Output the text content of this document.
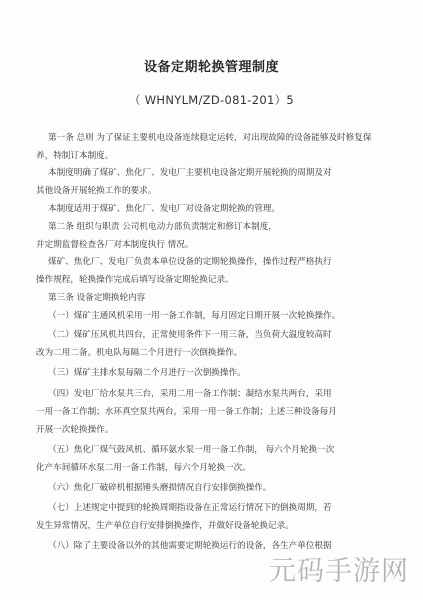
设备定期轮换管理制度
（ WHNYLM/ZD-081-201）5
第一条 总则 为了保证主要机电设备连续稳定运转，对出现故障的设备能够及时修复保
养，特制订本制度。
本制度明确了煤矿、焦化厂、发电厂主要机电设备定期开展轮换的周期及对
其他设备开展轮换工作的要求。
本制度适用于煤矿、焦化厂、发电厂对设备定期轮换的管理。
第二条 组织与职责 公司机电动力部负责制定和修订本制度，
并定期监督检查各厂对本制度执行 情况。
煤矿、焦化厂、发电厂负责本单位设备的定期轮换操作，操作过程严格执行
操作规程，轮换操作完成后填写设备定期轮换记录。
第三条 设备定期换轮内容
（一）煤矿主通风机采用一用一备工作制，每月固定日期开展一次轮换操作。
（二）煤矿压风机共四台，正常使用条件下一用三备，当负荷大温度较高时
改为二用二备。机电队每隔二个月进行一次倒换操作。
（三）煤矿主排水泵每隔二个月进行一次倒换操作。
（四）发电厂给水泵共三台，采用二用一备工作制；凝结水泵共两台，采用
一用一备工作制；水环真空泵共两台，采用一用一备工作制；上述三种设备每月
开展一次轮换操作。
（五）焦化厂煤气鼓风机、循环氨水泵一用一备工作制， 每六个月轮换一次
化产车间循环水泵二用一备工作制，每六个月轮换一次。
（六）焦化厂破碎机根据锤头磨损情况自行安排倒换操作。
（七）上述规定中提到的轮换周期指设备在正常运行情况下的倒换周期，若
发生异常情况，生产单位自行安排倒换操作，并做好设备轮换记录。
（八）除了主要设备以外的其他需要定期轮换运行的设备，各生产单位根据
元码手游网
